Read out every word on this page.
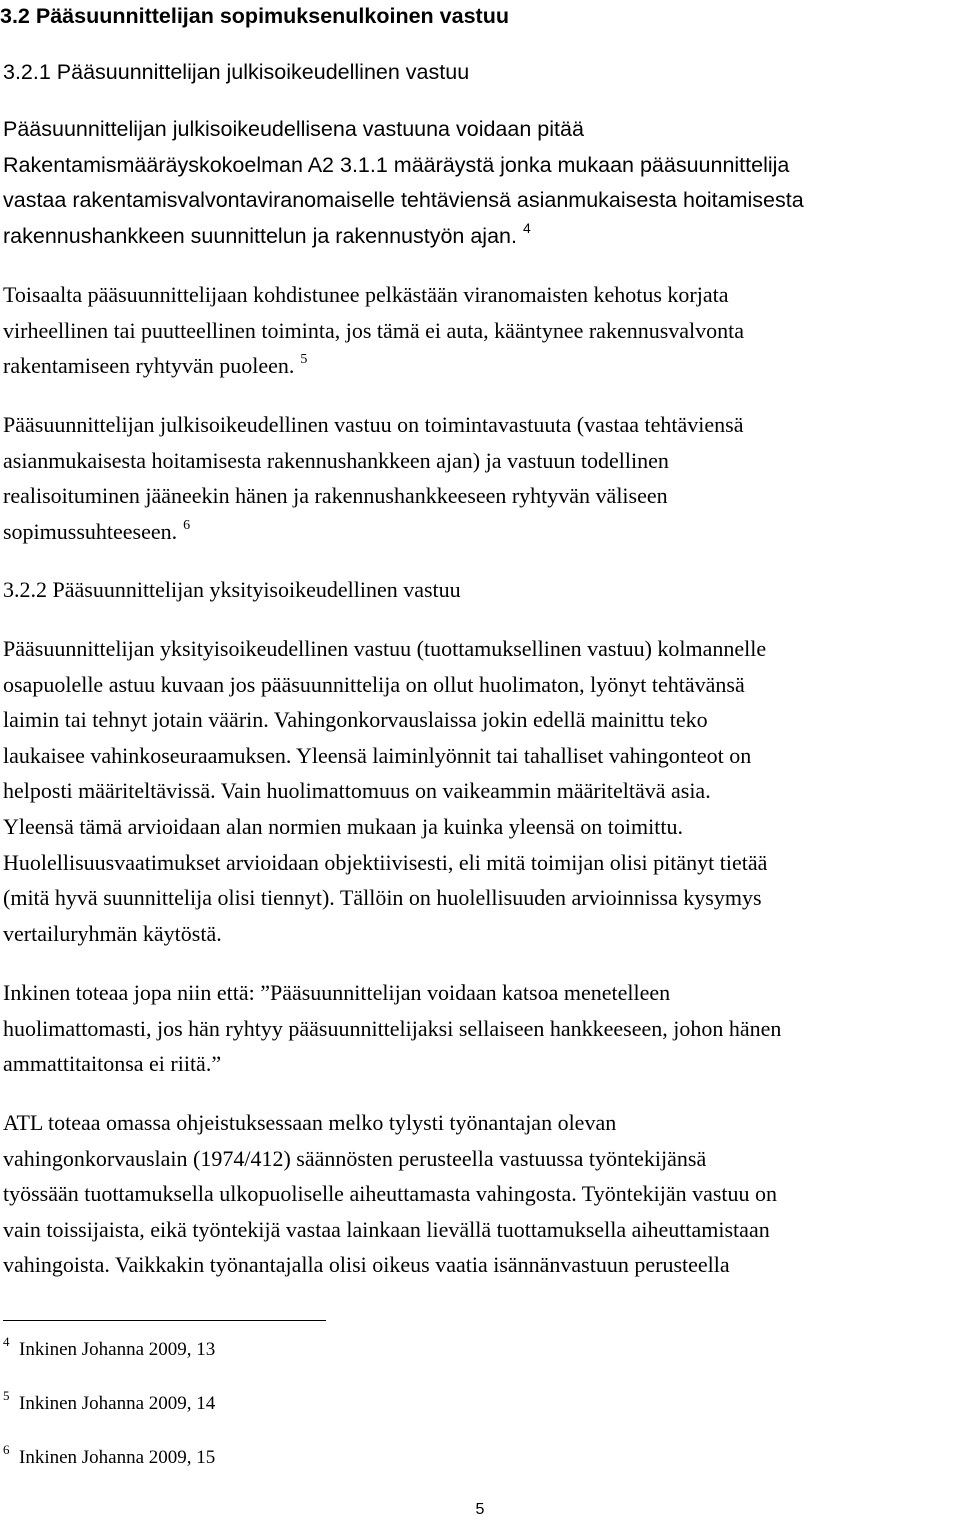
3.2 Pääsuunnittelijan sopimuksenulkoinen vastuu
3.2.1 Pääsuunnittelijan julkisoikeudellinen vastuu
Pääsuunnittelijan julkisoikeudellisena vastuuna voidaan pitää
Rakentamismääräyskokoelman A2 3.1.1 määräystä jonka mukaan pääsuunnittelija
vastaa rakentamisvalvontaviranomaiselle tehtäviensä asianmukaisesta hoitamisesta
rakennushankkeen suunnittelun ja rakennustyön ajan. $^4$
Toisaalta pääsuunnittelijaan kohdistunee pelkästään viranomaisten kehotus korjata
virheellinen tai puutteellinen toiminta, jos tämä ei auta, kääntynee rakennusvalvonta
rakentamiseen ryhtyvän puoleen. $^5$
Pääsuunnittelijan julkisoikeudellinen vastuu on toimintavastuuta (vastaa tehtäviensä
asianmukaisesta hoitamisesta rakennushankkeen ajan) ja vastuun todellinen
realisoituminen jääneekin hänen ja rakennushankkeeseen ryhtyvän väliseen
sopimussuhteeseen. $^6$
3.2.2 Pääsuunnittelijan yksityisoikeudellinen vastuu
Pääsuunnittelijan yksityisoikeudellinen vastuu (tuottamuksellinen vastuu) kolmannelle
osapuolelle astuu kuvaan jos pääsuunnittelija on ollut huolimaton, lyönyt tehtävänsä
laimin tai tehnyt jotain väärin. Vahingonkorvauslaissa jokin edellä mainittu teko
laukaisee vahinkoseuraamuksen. Yleensä laiminlyönnit tai tahalliset vahingonteot on
helposti määriteltävissä. Vain huolimattomuus on vaikeammin määriteltävä asia.
Yleensä tämä arvioidaan alan normien mukaan ja kuinka yleensä on toimittu.
Huolellisuusvaatimukset arvioidaan objektiivisesti, eli mitä toimijan olisi pitänyt tietää
(mitä hyvä suunnittelija olisi tiennyt). Tällöin on huolellisuuden arvioinnissa kysymys
vertailuryhmän käytöstä.
Inkinen toteaa jopa niin että: ”Pääsuunnittelijan voidaan katsoa menetelleen
huolimattomasti, jos hän ryhtyy pääsuunnittelijaksi sellaiseen hankkeeseen, johon hänen
ammattitaitonsa ei riitä.”
ATL toteaa omassa ohjeistuksessaan melko tylysti työnantajan olevan
vahingonkorvauslain (1974/412) säännösten perusteella vastuussa työntekijänsä
työssään tuottamuksella ulkopuoliselle aiheuttamasta vahingosta. Työntekijän vastuu on
vain toissijaista, eikä työntekijä vastaa lainkaan lievällä tuottamuksella aiheuttamistaan
vahingoista. Vaikkakin työnantajalla olisi oikeus vaatia isännänvastuun perusteella
4 Inkinen Johanna 2009, 13
5 Inkinen Johanna 2009, 14
6 Inkinen Johanna 2009, 15
5
